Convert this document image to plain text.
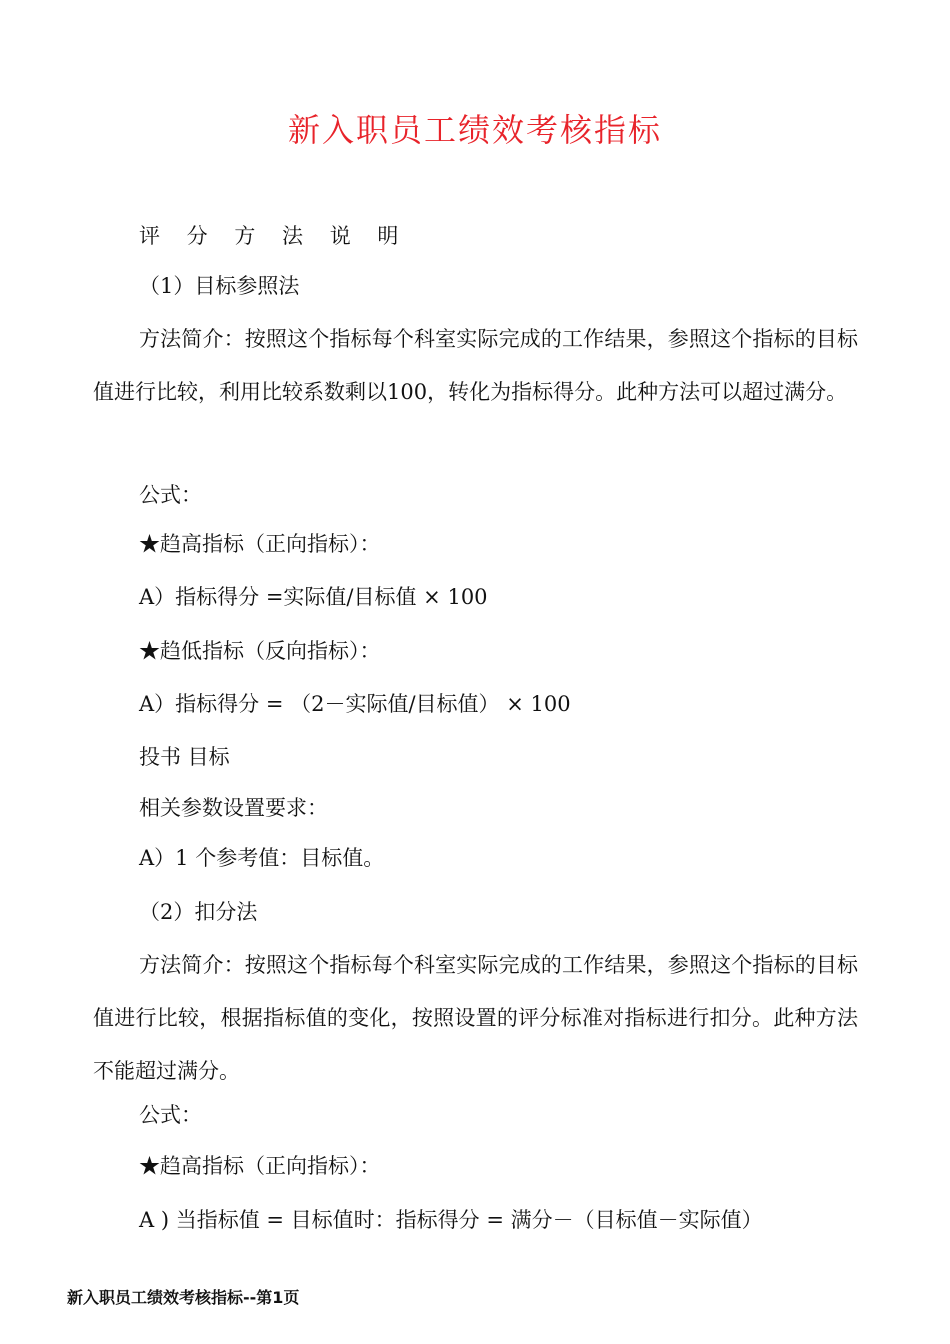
新入职员工绩效考核指标
评 分 方 法 说 明
（1）目标参照法
方法简介：按照这个指标每个科室实际完成的工作结果，参照这个指标的目标值进行比较，利用比较系数剩以100，转化为指标得分。此种方法可以超过满分。
公式：
★趋高指标（正向指标）：
A）指标得分 =实际值/目标值 × 100
★趋低指标（反向指标）：
A）指标得分 = （2－实际值/目标值） × 100
投书 目标
相关参数设置要求：
A）1 个参考值：目标值。
（2）扣分法
方法简介：按照这个指标每个科室实际完成的工作结果，参照这个指标的目标值进行比较，根据指标值的变化，按照设置的评分标准对指标进行扣分。此种方法不能超过满分。
公式：
★趋高指标（正向指标）：
A ) 当指标值 = 目标值时：指标得分 = 满分－（目标值－实际值）
新入职员工绩效考核指标--第1页
